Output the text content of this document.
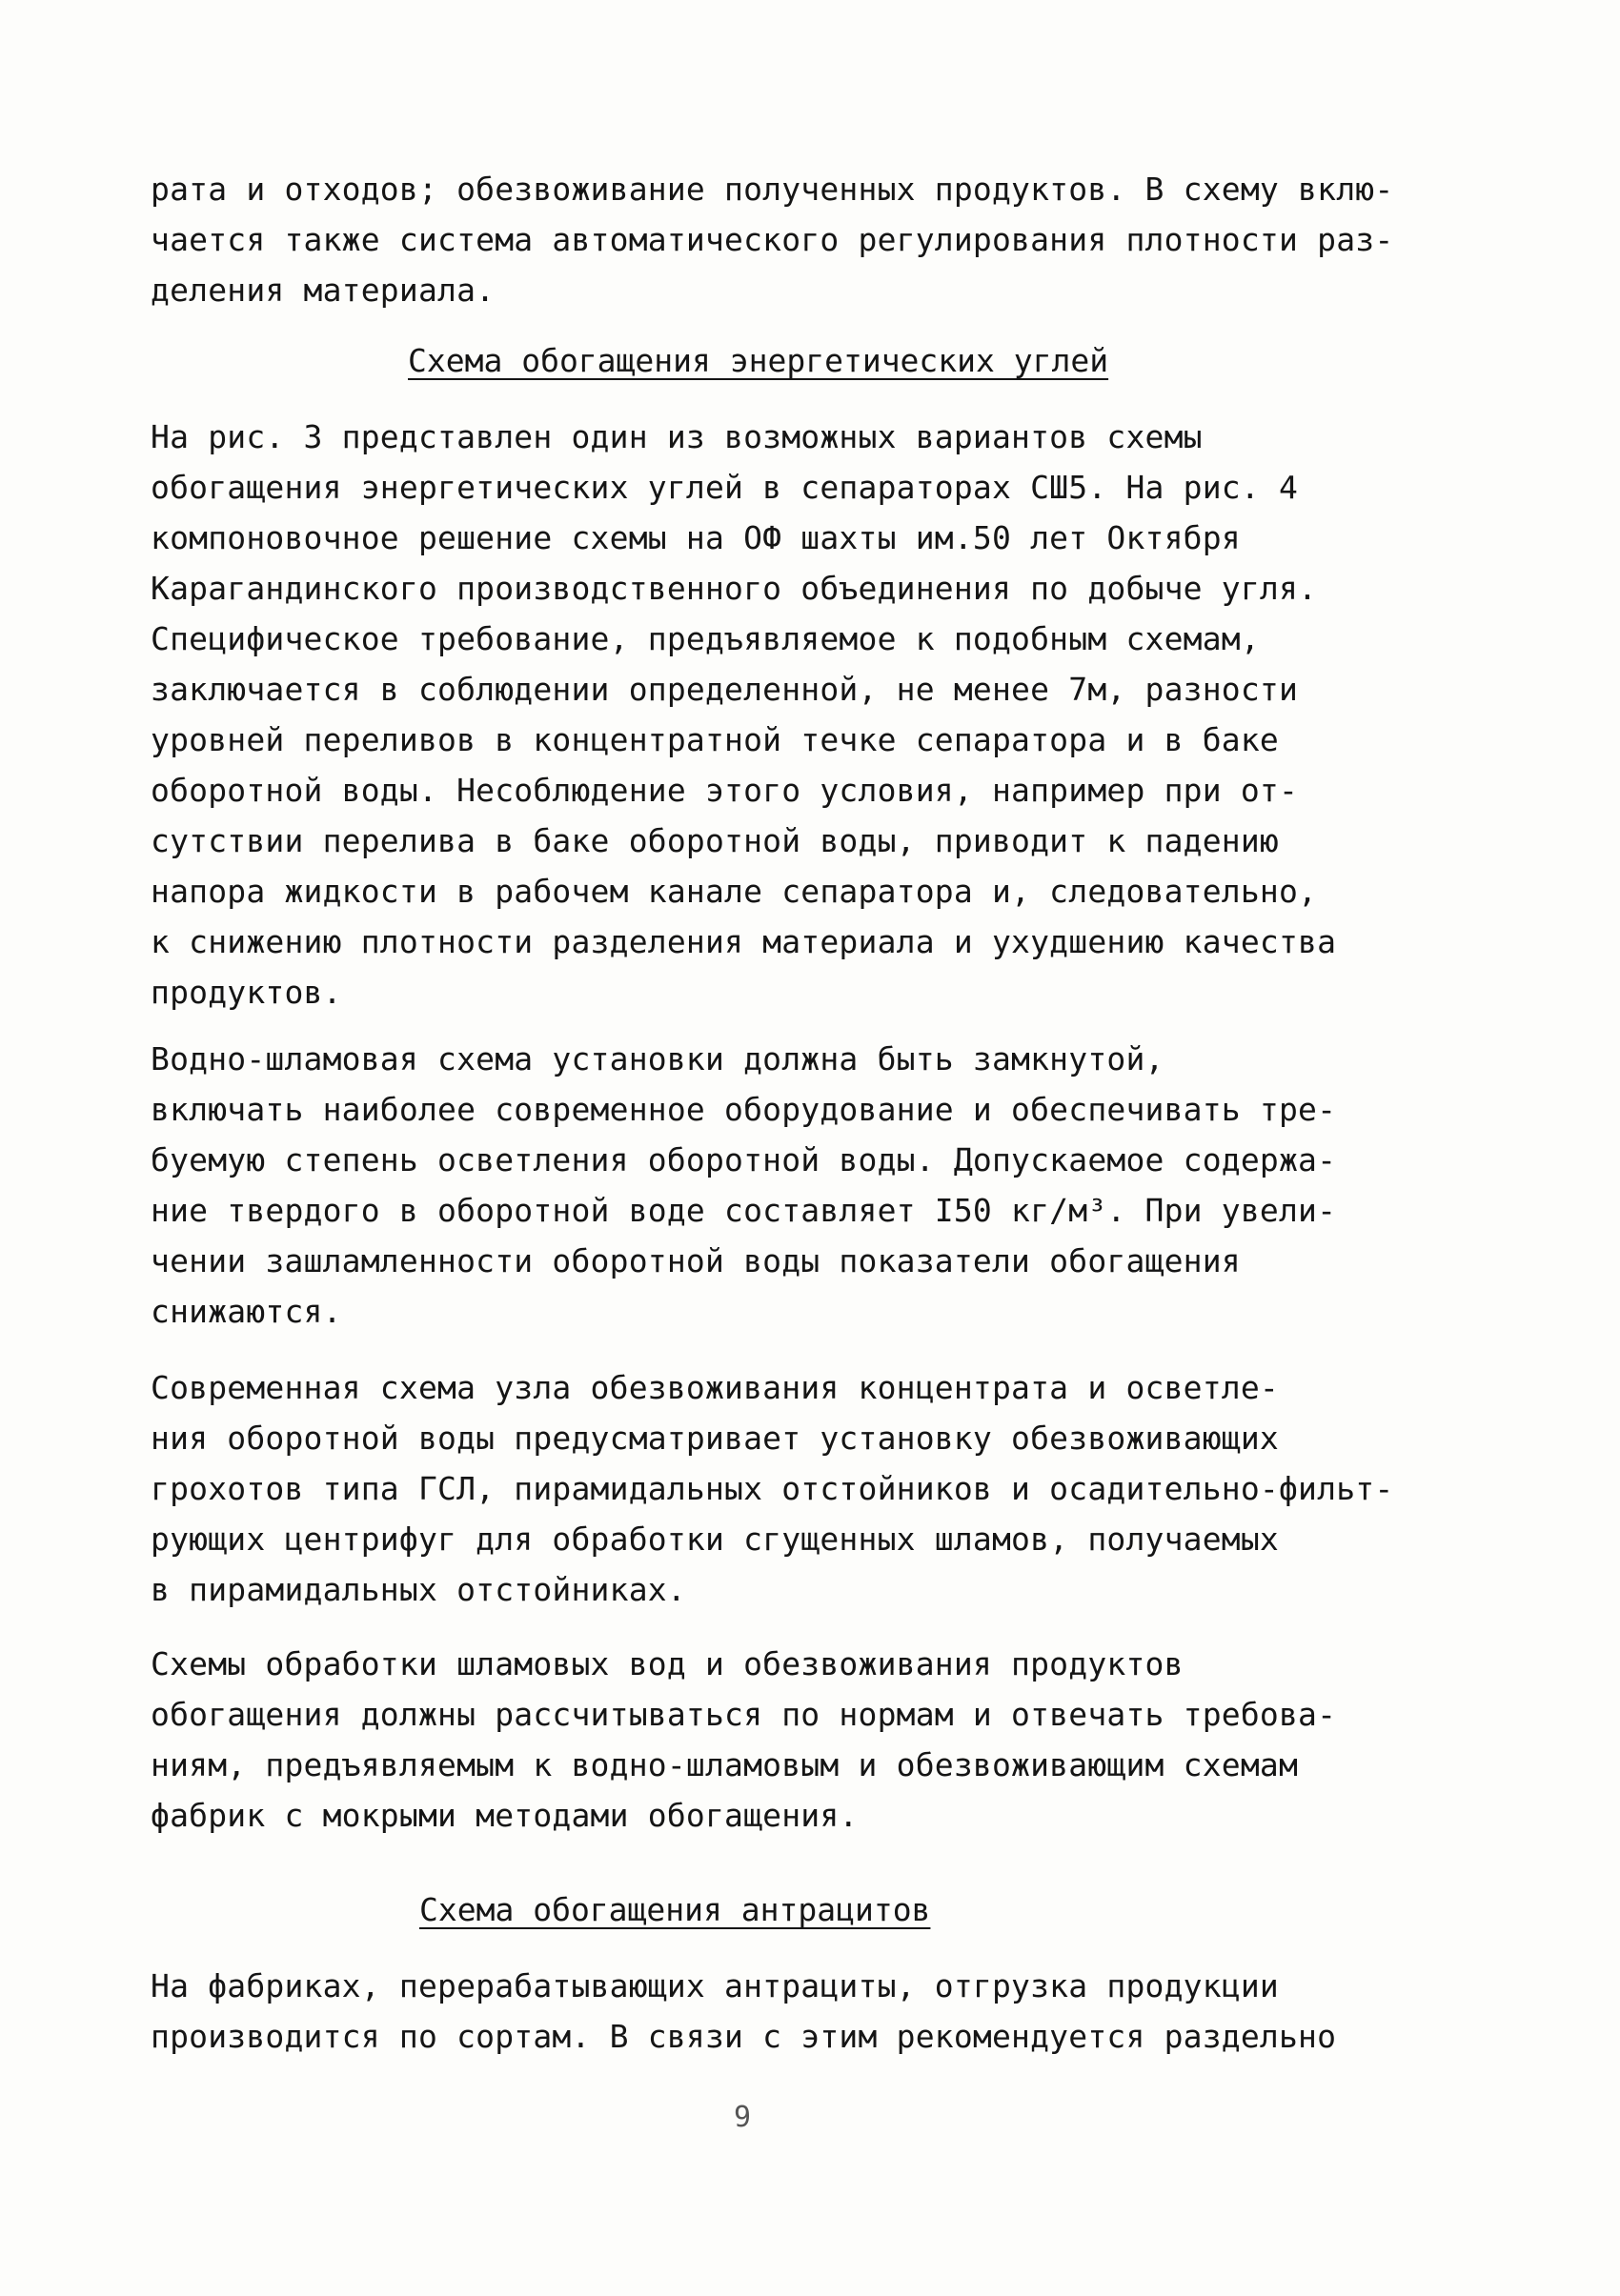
рата и отходов; обезвоживание полученных продуктов. В схему вклю-
чается также система автоматического регулирования плотности раз-
деления материала.
Схема обогащения энергетических углей
На рис. 3 представлен один из возможных вариантов схемы
обогащения энергетических углей в сепараторах СШ5. На рис. 4
компоновочное решение схемы на ОФ шахты им.50 лет Октября
Карагандинского производственного объединения по добыче угля.
Специфическое требование, предъявляемое к подобным схемам,
заключается в соблюдении определенной, не менее 7м, разности
уровней переливов в концентратной течке сепаратора и в баке
оборотной воды. Несоблюдение этого условия, например при от-
сутствии перелива в баке оборотной воды, приводит к падению
напора жидкости в рабочем канале сепаратора и, следовательно,
к снижению плотности разделения материала и ухудшению качества
продуктов.
Водно-шламовая схема установки должна быть замкнутой,
включать наиболее современное оборудование и обеспечивать тре-
буемую степень осветления оборотной воды. Допускаемое содержа-
ние твердого в оборотной воде составляет I50 кг/м³. При увели-
чении зашламленности оборотной воды показатели обогащения
снижаются.
Современная схема узла обезвоживания концентрата и осветле-
ния оборотной воды предусматривает установку обезвоживающих
грохотов типа ГСЛ, пирамидальных отстойников и осадительно-фильт-
рующих центрифуг для обработки сгущенных шламов, получаемых
в пирамидальных отстойниках.
Схемы обработки шламовых вод и обезвоживания продуктов
обогащения должны рассчитываться по нормам и отвечать требова-
ниям, предъявляемым к водно-шламовым и обезвоживающим схемам
фабрик с мокрыми методами обогащения.
Схема обогащения антрацитов
На фабриках, перерабатывающих антрациты, отгрузка продукции
производится по сортам. В связи с этим рекомендуется раздельно
9
